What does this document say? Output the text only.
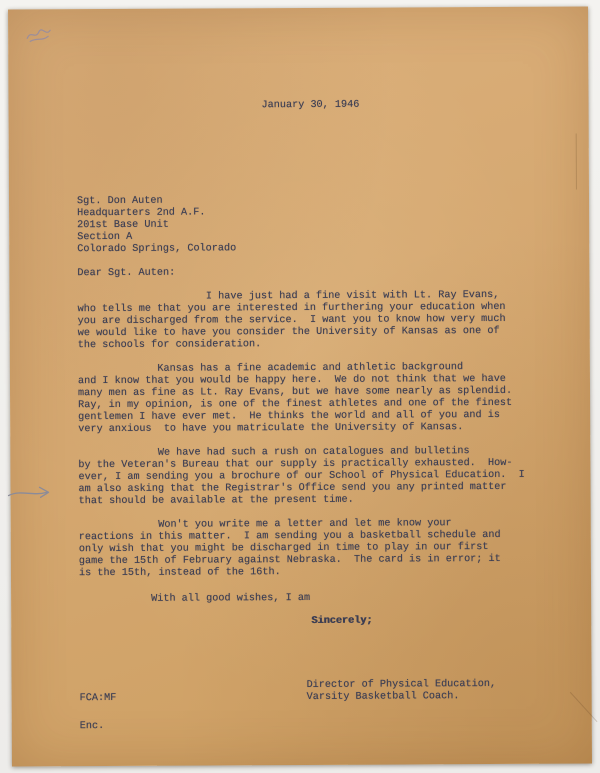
January 30, 1946
Sgt. Don Auten
Headquarters 2nd A.F.
201st Base Unit
Section A
Colorado Springs, Colorado
Dear Sgt. Auten:
I have just had a fine visit with Lt. Ray Evans,
who tells me that you are interested in furthering your education when
you are discharged from the service.  I want you to know how very much
we would like to have you consider the University of Kansas as one of
the schools for consideration.
Kansas has a fine academic and athletic background
and I know that you would be happy here.  We do not think that we have
many men as fine as Lt. Ray Evans, but we have some nearly as splendid.
Ray, in my opinion, is one of the finest athletes and one of the finest
gentlemen I have ever met.  He thinks the world and all of you and is
very anxious  to have you matriculate the University of Kansas.
We have had such a rush on catalogues and bulletins
by the Veteran's Bureau that our supply is practically exhausted.  How-
ever, I am sending you a brochure of our School of Physical Education.  I
am also asking that the Registrar's Office send you any printed matter
that should be available at the present time.
Won't you write me a letter and let me know your
reactions in this matter.  I am sending you a basketball schedule and
only wish that you might be discharged in time to play in our first
game the 15th of February against Nebraska.  The card is in error; it
is the 15th, instead of the 16th.
With all good wishes, I am
Sincerely;
Director of Physical Education,
Varsity Basketball Coach.
FCA:MF
Enc.
